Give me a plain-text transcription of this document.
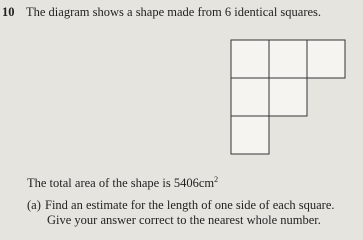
10 The diagram shows a shape made from 6 identical squares.
The total area of the shape is $5406cm^2$
(a) Find an estimate for the length of one side of each square.
Give your answer correct to the nearest whole number.
